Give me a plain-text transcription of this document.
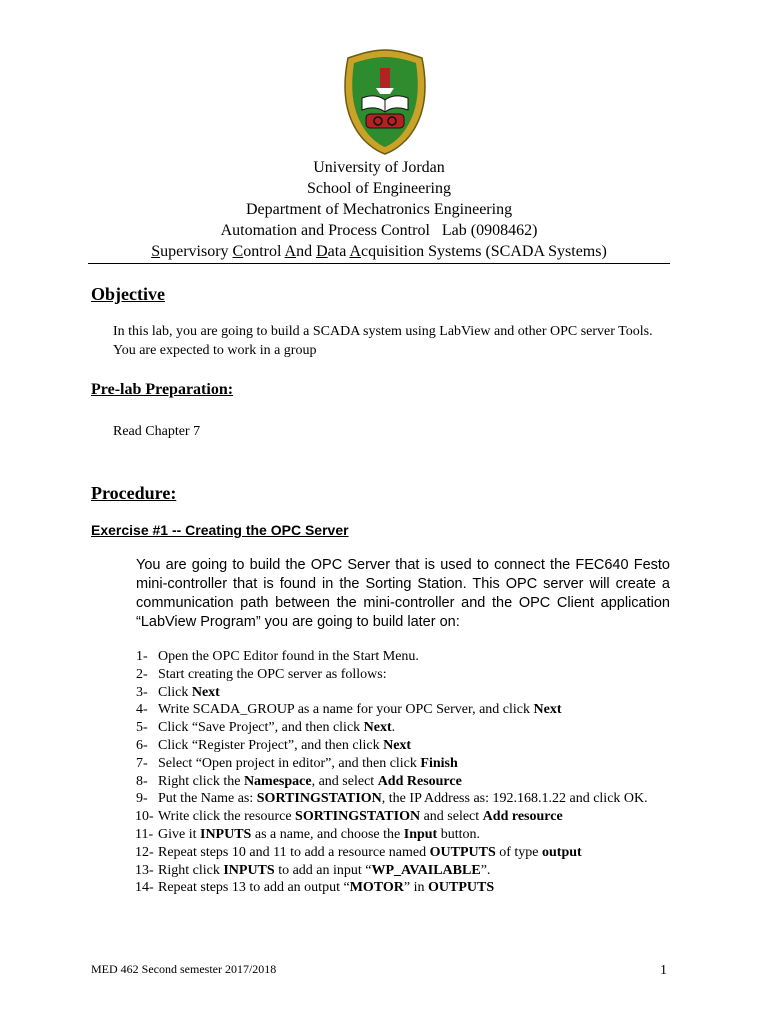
University of Jordan
School of Engineering
Department of Mechatronics Engineering
Automation and Process Control   Lab (0908462)
Supervisory Control And Data Acquisition Systems (SCADA Systems)
Objective
In this lab, you are going to build a SCADA system using LabView and other OPC server Tools. You are expected to work in a group
Pre-lab Preparation:
Read Chapter 7
Procedure:
Exercise #1 -- Creating the OPC Server
You are going to build the OPC Server that is used to connect the FEC640 Festo mini-controller that is found in the Sorting Station. This OPC server will create a communication path between the mini-controller and the OPC Client application “LabView Program” you are going to build later on:
1- Open the OPC Editor found in the Start Menu.
2- Start creating the OPC server as follows:
3- Click Next
4- Write SCADA_GROUP as a name for your OPC Server, and click Next
5- Click “Save Project”, and then click Next.
6- Click “Register Project”, and then click Next
7- Select “Open project in editor”, and then click Finish
8- Right click the Namespace, and select Add Resource
9- Put the Name as: SORTINGSTATION, the IP Address as: 192.168.1.22 and click OK.
10- Write click the resource SORTINGSTATION and select Add resource
11- Give it INPUTS as a name, and choose the Input button.
12- Repeat steps 10 and 11 to add a resource named OUTPUTS of type output
13- Right click INPUTS to add an input “WP_AVAILABLE”.
14- Repeat steps 13 to add an output “MOTOR” in OUTPUTS
MED 462 Second semester 2017/2018	1
